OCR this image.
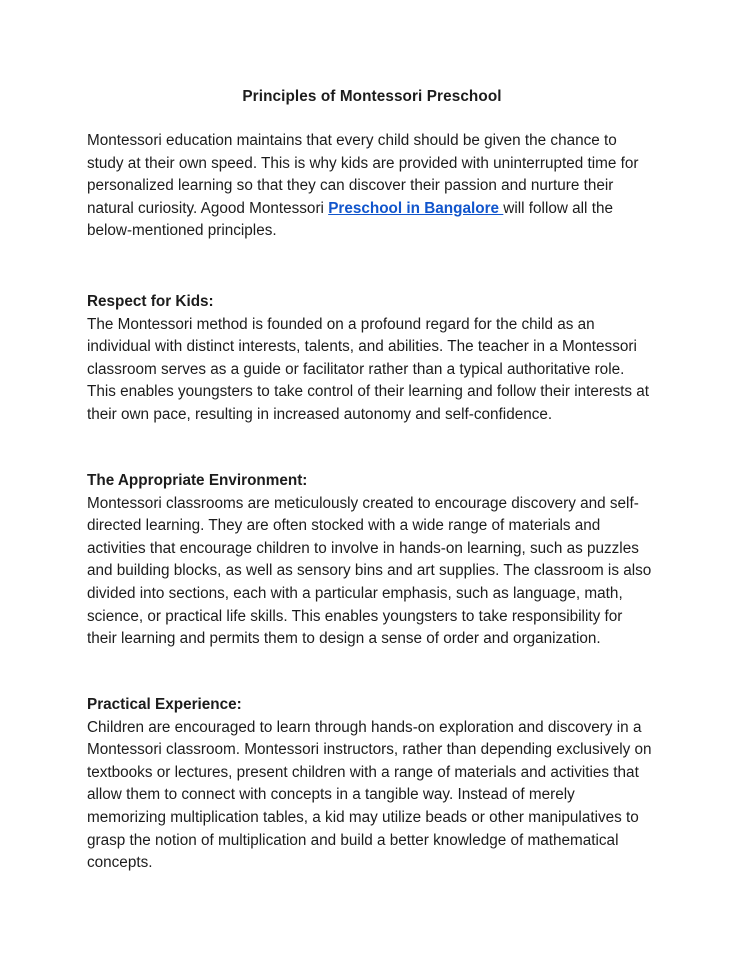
Principles of Montessori Preschool

Montessori education maintains that every child should be given the chance to study at their own speed. This is why kids are provided with uninterrupted time for personalized learning so that they can discover their passion and nurture their natural curiosity. Agood Montessori Preschool in Bangalore will follow all the below-mentioned principles.

Respect for Kids:

The Montessori method is founded on a profound regard for the child as an individual with distinct interests, talents, and abilities. The teacher in a Montessori classroom serves as a guide or facilitator rather than a typical authoritative role. This enables youngsters to take control of their learning and follow their interests at their own pace, resulting in increased autonomy and self-confidence.

The Appropriate Environment:

Montessori classrooms are meticulously created to encourage discovery and self-directed learning. They are often stocked with a wide range of materials and activities that encourage children to involve in hands-on learning, such as puzzles and building blocks, as well as sensory bins and art supplies. The classroom is also divided into sections, each with a particular emphasis, such as language, math, science, or practical life skills. This enables youngsters to take responsibility for their learning and permits them to design a sense of order and organization.

Practical Experience:

Children are encouraged to learn through hands-on exploration and discovery in a Montessori classroom. Montessori instructors, rather than depending exclusively on textbooks or lectures, present children with a range of materials and activities that allow them to connect with concepts in a tangible way. Instead of merely memorizing multiplication tables, a kid may utilize beads or other manipulatives to grasp the notion of multiplication and build a better knowledge of mathematical concepts.
